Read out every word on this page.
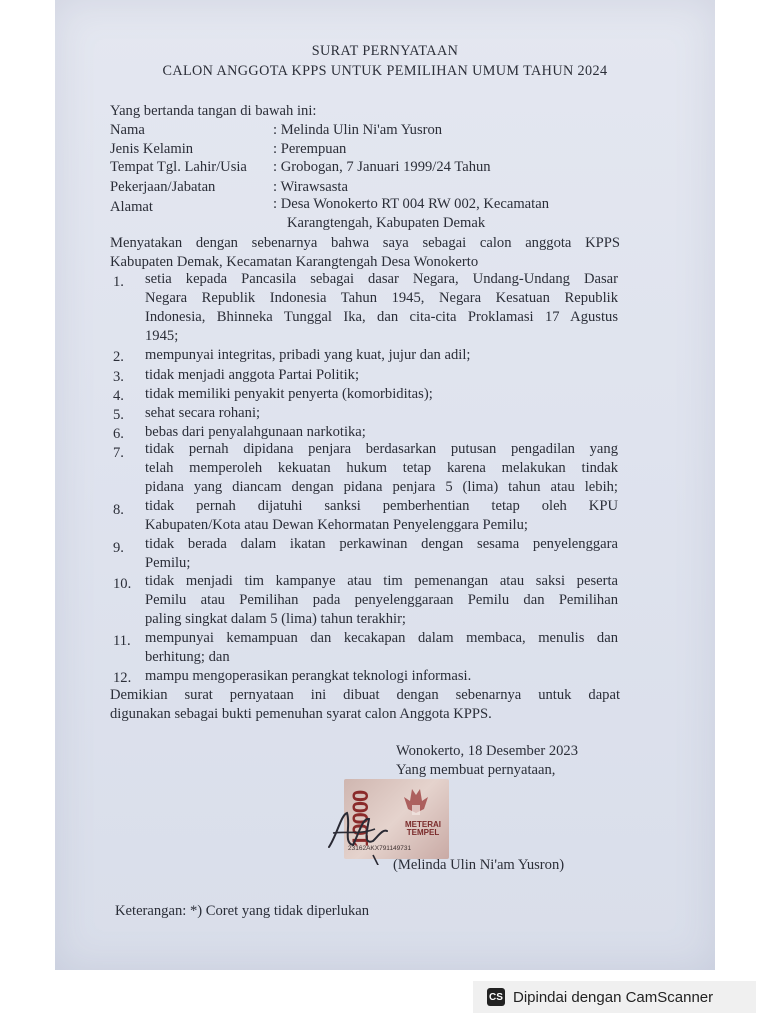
SURAT PERNYATAAN
CALON ANGGOTA KPPS UNTUK PEMILIHAN UMUM TAHUN 2024
Yang bertanda tangan di bawah ini:
Nama	: Melinda Ulin Ni'am Yusron
Jenis Kelamin	: Perempuan
Tempat Tgl. Lahir/Usia : Grobogan, 7 Januari 1999/24 Tahun
Pekerjaan/Jabatan	: Wirawsasta
Alamat	: Desa Wonokerto RT 004 RW 002, Kecamatan
Karangtengah, Kabupaten Demak
Menyatakan dengan sebenarnya bahwa saya sebagai calon anggota KPPS
Kabupaten Demak, Kecamatan Karangtengah Desa Wonokerto
1. setia kepada Pancasila sebagai dasar Negara, Undang-Undang Dasar
Negara Republik Indonesia Tahun 1945, Negara Kesatuan Republik
Indonesia, Bhinneka Tunggal Ika, dan cita-cita Proklamasi 17 Agustus
1945;
2. mempunyai integritas, pribadi yang kuat, jujur dan adil;
3. tidak menjadi anggota Partai Politik;
4. tidak memiliki penyakit penyerta (komorbiditas);
5. sehat secara rohani;
6. bebas dari penyalahgunaan narkotika;
7. tidak pernah dipidana penjara berdasarkan putusan pengadilan yang
telah memperoleh kekuatan hukum tetap karena melakukan tindak
pidana yang diancam dengan pidana penjara 5 (lima) tahun atau lebih;
8. tidak pernah dijatuhi sanksi pemberhentian tetap oleh KPU
Kabupaten/Kota atau Dewan Kehormatan Penyelenggara Pemilu;
9. tidak berada dalam ikatan perkawinan dengan sesama penyelenggara
Pemilu;
10. tidak menjadi tim kampanye atau tim pemenangan atau saksi peserta
Pemilu atau Pemilihan pada penyelenggaraan Pemilu dan Pemilihan
paling singkat dalam 5 (lima) tahun terakhir;
11. mempunyai kemampuan dan kecakapan dalam membaca, menulis dan
berhitung; dan
12. mampu mengoperasikan perangkat teknologi informasi.
Demikian surat pernyataan ini dibuat dengan sebenarnya untuk dapat
digunakan sebagai bukti pemenuhan syarat calon Anggota KPPS.
Wonokerto, 18 Desember 2023
Yang membuat pernyataan,
10000	METERAI TEMPEL
23162AKX791149731
(Melinda Ulin Ni'am Yusron)
Keterangan: *) Coret yang tidak diperlukan
CS Dipindai dengan CamScanner
